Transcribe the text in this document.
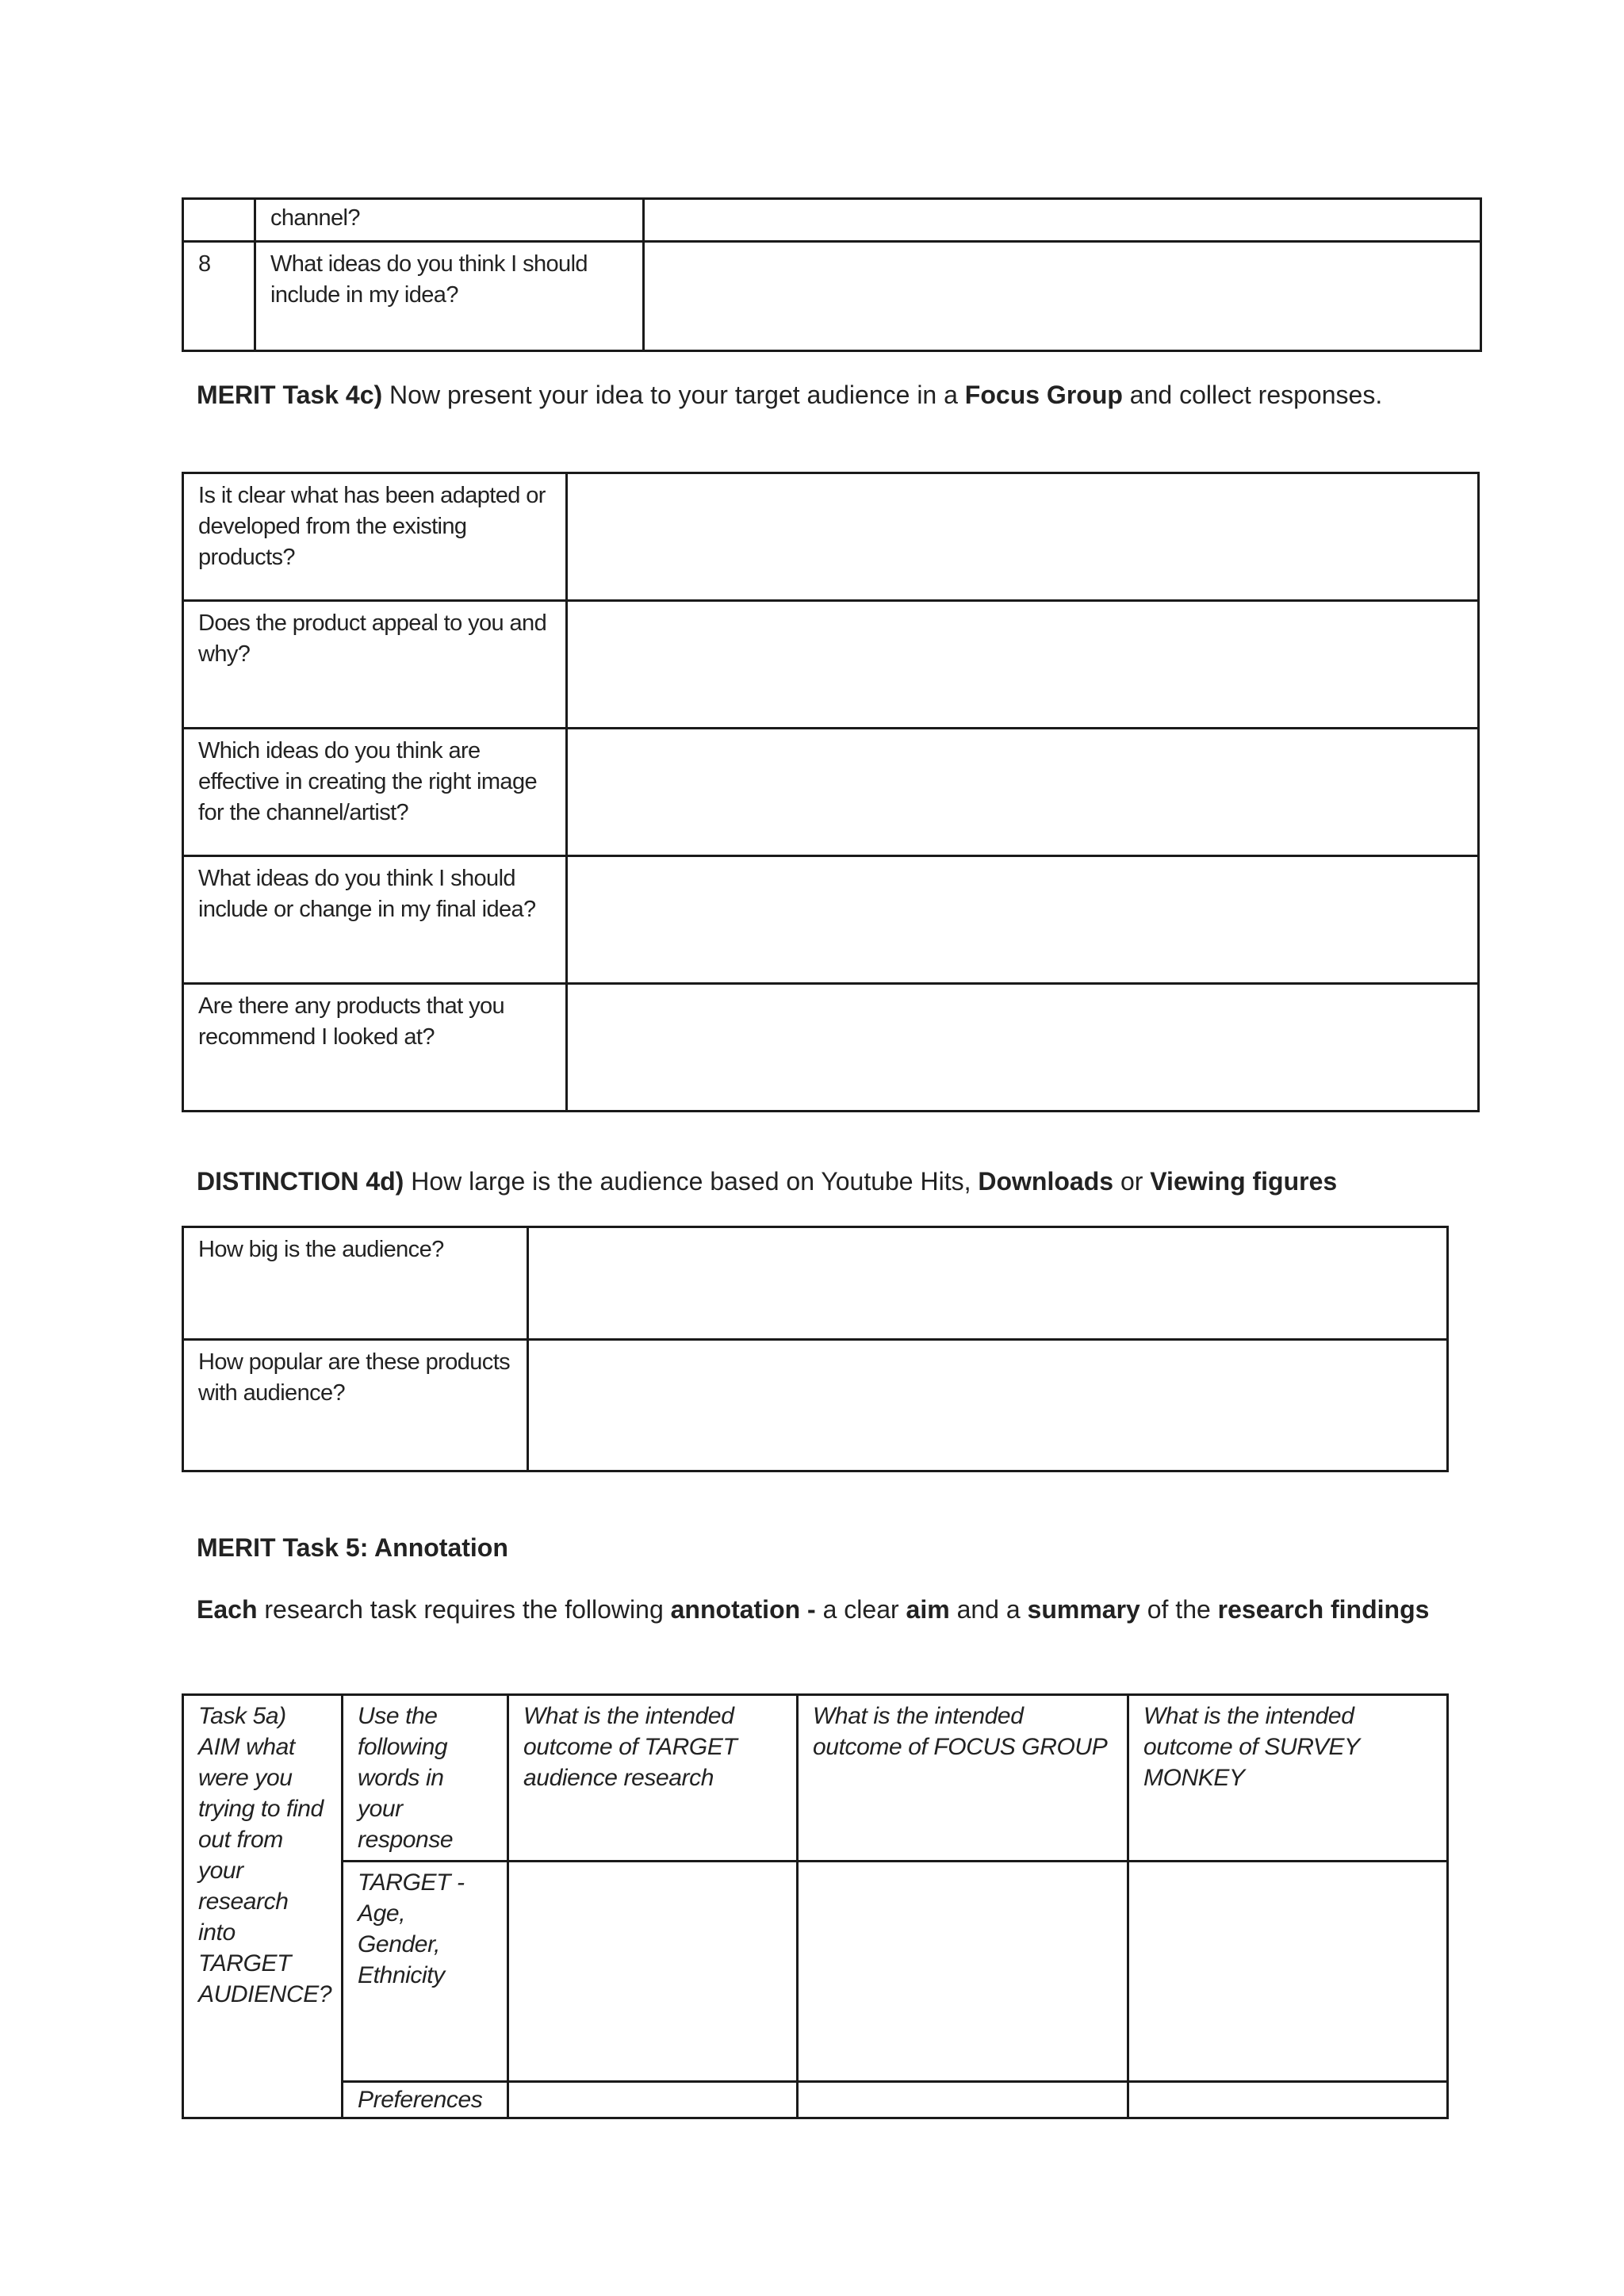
	channel?	
8	What ideas do you think I should include in my idea?	

MERIT Task 4c) Now present your idea to your target audience in a Focus Group and collect responses.

Is it clear what has been adapted or developed from the existing products?	
Does the product appeal to you and why?	
Which ideas do you think are effective in creating the right image for the channel/artist?	
What ideas do you think I should include or change in my final idea?	
Are there any products that you recommend I looked at?	

DISTINCTION 4d) How large is the audience based on Youtube Hits, Downloads or Viewing figures

How big is the audience?	
How popular are these products with audience?	

MERIT Task 5: Annotation

Each research task requires the following annotation - a clear aim and a summary of the research findings

Task 5a) AIM what were you trying to find out from your research into TARGET AUDIENCE?	Use the following words in your response	What is the intended outcome of TARGET audience research	What is the intended outcome of FOCUS GROUP	What is the intended outcome of SURVEY MONKEY
	TARGET - Age, Gender, Ethnicity			
	Preferences			
